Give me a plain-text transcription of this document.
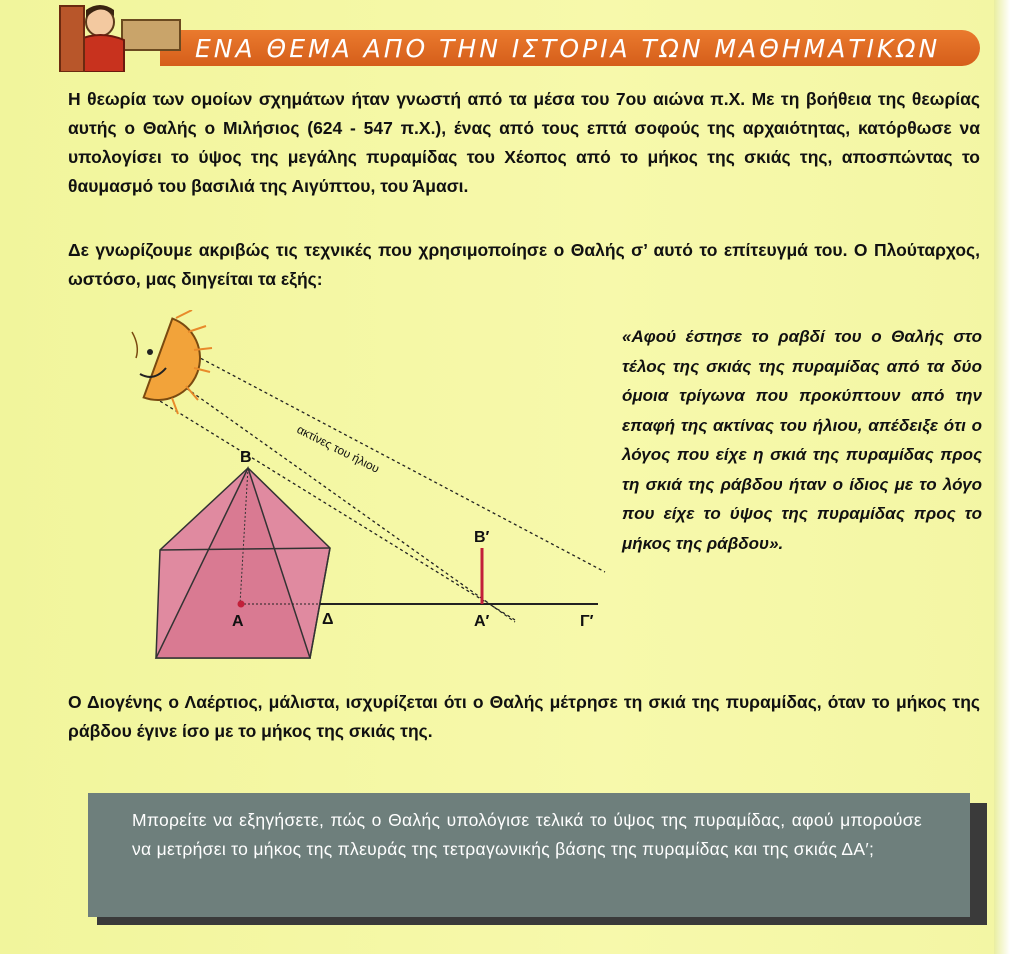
ΕΝΑ ΘΕΜΑ ΑΠΟ ΤΗΝ ΙΣΤΟΡΙΑ ΤΩΝ ΜΑΘΗΜΑΤΙΚΩΝ
Η θεωρία των ομοίων σχημάτων ήταν γνωστή από τα μέσα του 7ου αιώνα π.Χ. Με τη βοήθεια της θεωρίας αυτής ο Θαλής ο Μιλήσιος (624 - 547 π.Χ.), ένας από τους επτά σοφούς της αρχαιότητας, κατόρθωσε να υπολογίσει το ύψος της μεγάλης πυραμίδας του Χέοπος από το μήκος της σκιάς της, αποσπώντας το θαυμασμό του βασιλιά της Αιγύπτου, του Άμασι.
Δε γνωρίζουμε ακριβώς τις τεχνικές που χρησιμοποίησε ο Θαλής σ’ αυτό το επίτευγμά του. Ο Πλούταρχος, ωστόσο, μας διηγείται τα εξής:
Β
Α	Δ
Β′
Α′	Γ′
ακτίνες του ήλιου
«Αφού έστησε το ραβδί του ο Θαλής στο τέλος της σκιάς της πυραμίδας από τα δύο όμοια τρίγωνα που προκύπτουν από την επαφή της ακτίνας του ήλιου, απέδειξε ότι ο λόγος που είχε η σκιά της πυραμίδας προς τη σκιά της ράβδου ήταν ο ίδιος με το λόγο που είχε το ύψος της πυραμίδας προς το μήκος της ράβδου».
Ο Διογένης ο Λαέρτιος, μάλιστα, ισχυρίζεται ότι ο Θαλής μέτρησε τη σκιά της πυραμίδας, όταν το μήκος της ράβδου έγινε ίσο με το μήκος της σκιάς της.
Μπορείτε να εξηγήσετε, πώς ο Θαλής υπολόγισε τελικά το ύψος της πυραμίδας, αφού μπορούσε να μετρήσει το μήκος της πλευράς της τετραγωνικής βάσης της πυραμίδας και της σκιάς ΔΑ′;
